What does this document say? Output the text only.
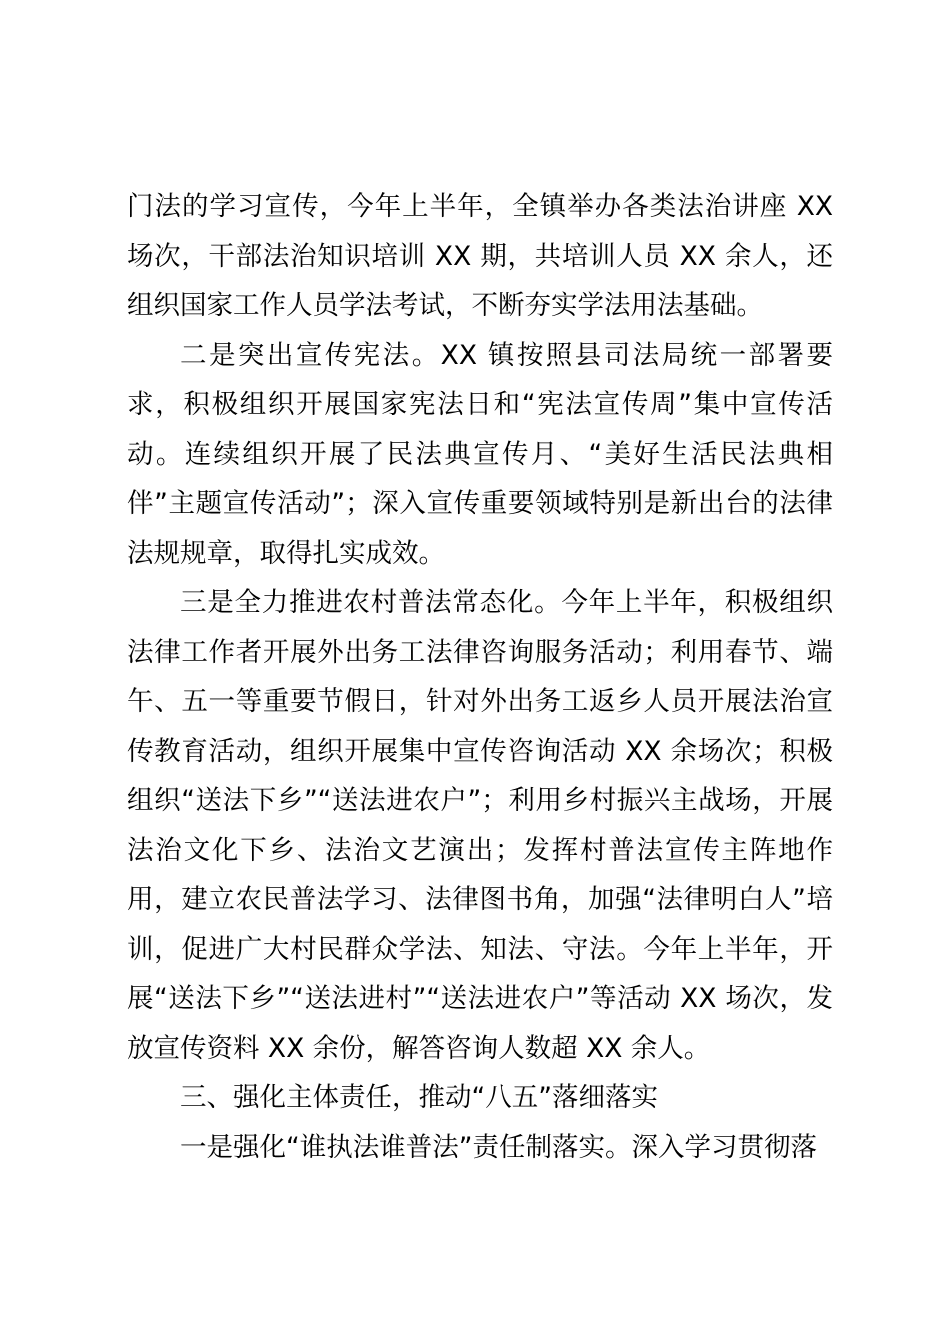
门法的学习宣传，今年上半年，全镇举办各类法治讲座 XX 场次，干部法治知识培训 XX 期，共培训人员 XX 余人，还组织国家工作人员学法考试，不断夯实学法用法基础。

二是突出宣传宪法。XX 镇按照县司法局统一部署要求，积极组织开展国家宪法日和“宪法宣传周”集中宣传活动。连续组织开展了民法典宣传月、“美好生活民法典相伴”主题宣传活动”；深入宣传重要领域特别是新出台的法律法规规章，取得扎实成效。

三是全力推进农村普法常态化。今年上半年，积极组织法律工作者开展外出务工法律咨询服务活动；利用春节、端午、五一等重要节假日，针对外出务工返乡人员开展法治宣传教育活动，组织开展集中宣传咨询活动 XX 余场次；积极组织“送法下乡”“送法进农户”；利用乡村振兴主战场，开展法治文化下乡、法治文艺演出；发挥村普法宣传主阵地作用，建立农民普法学习、法律图书角，加强“法律明白人”培训，促进广大村民群众学法、知法、守法。今年上半年，开展“送法下乡”“送法进村”“送法进农户”等活动 XX 场次，发放宣传资料 XX 余份，解答咨询人数超 XX 余人。

三、强化主体责任，推动“八五”落细落实

一是强化“谁执法谁普法”责任制落实。深入学习贯彻落
